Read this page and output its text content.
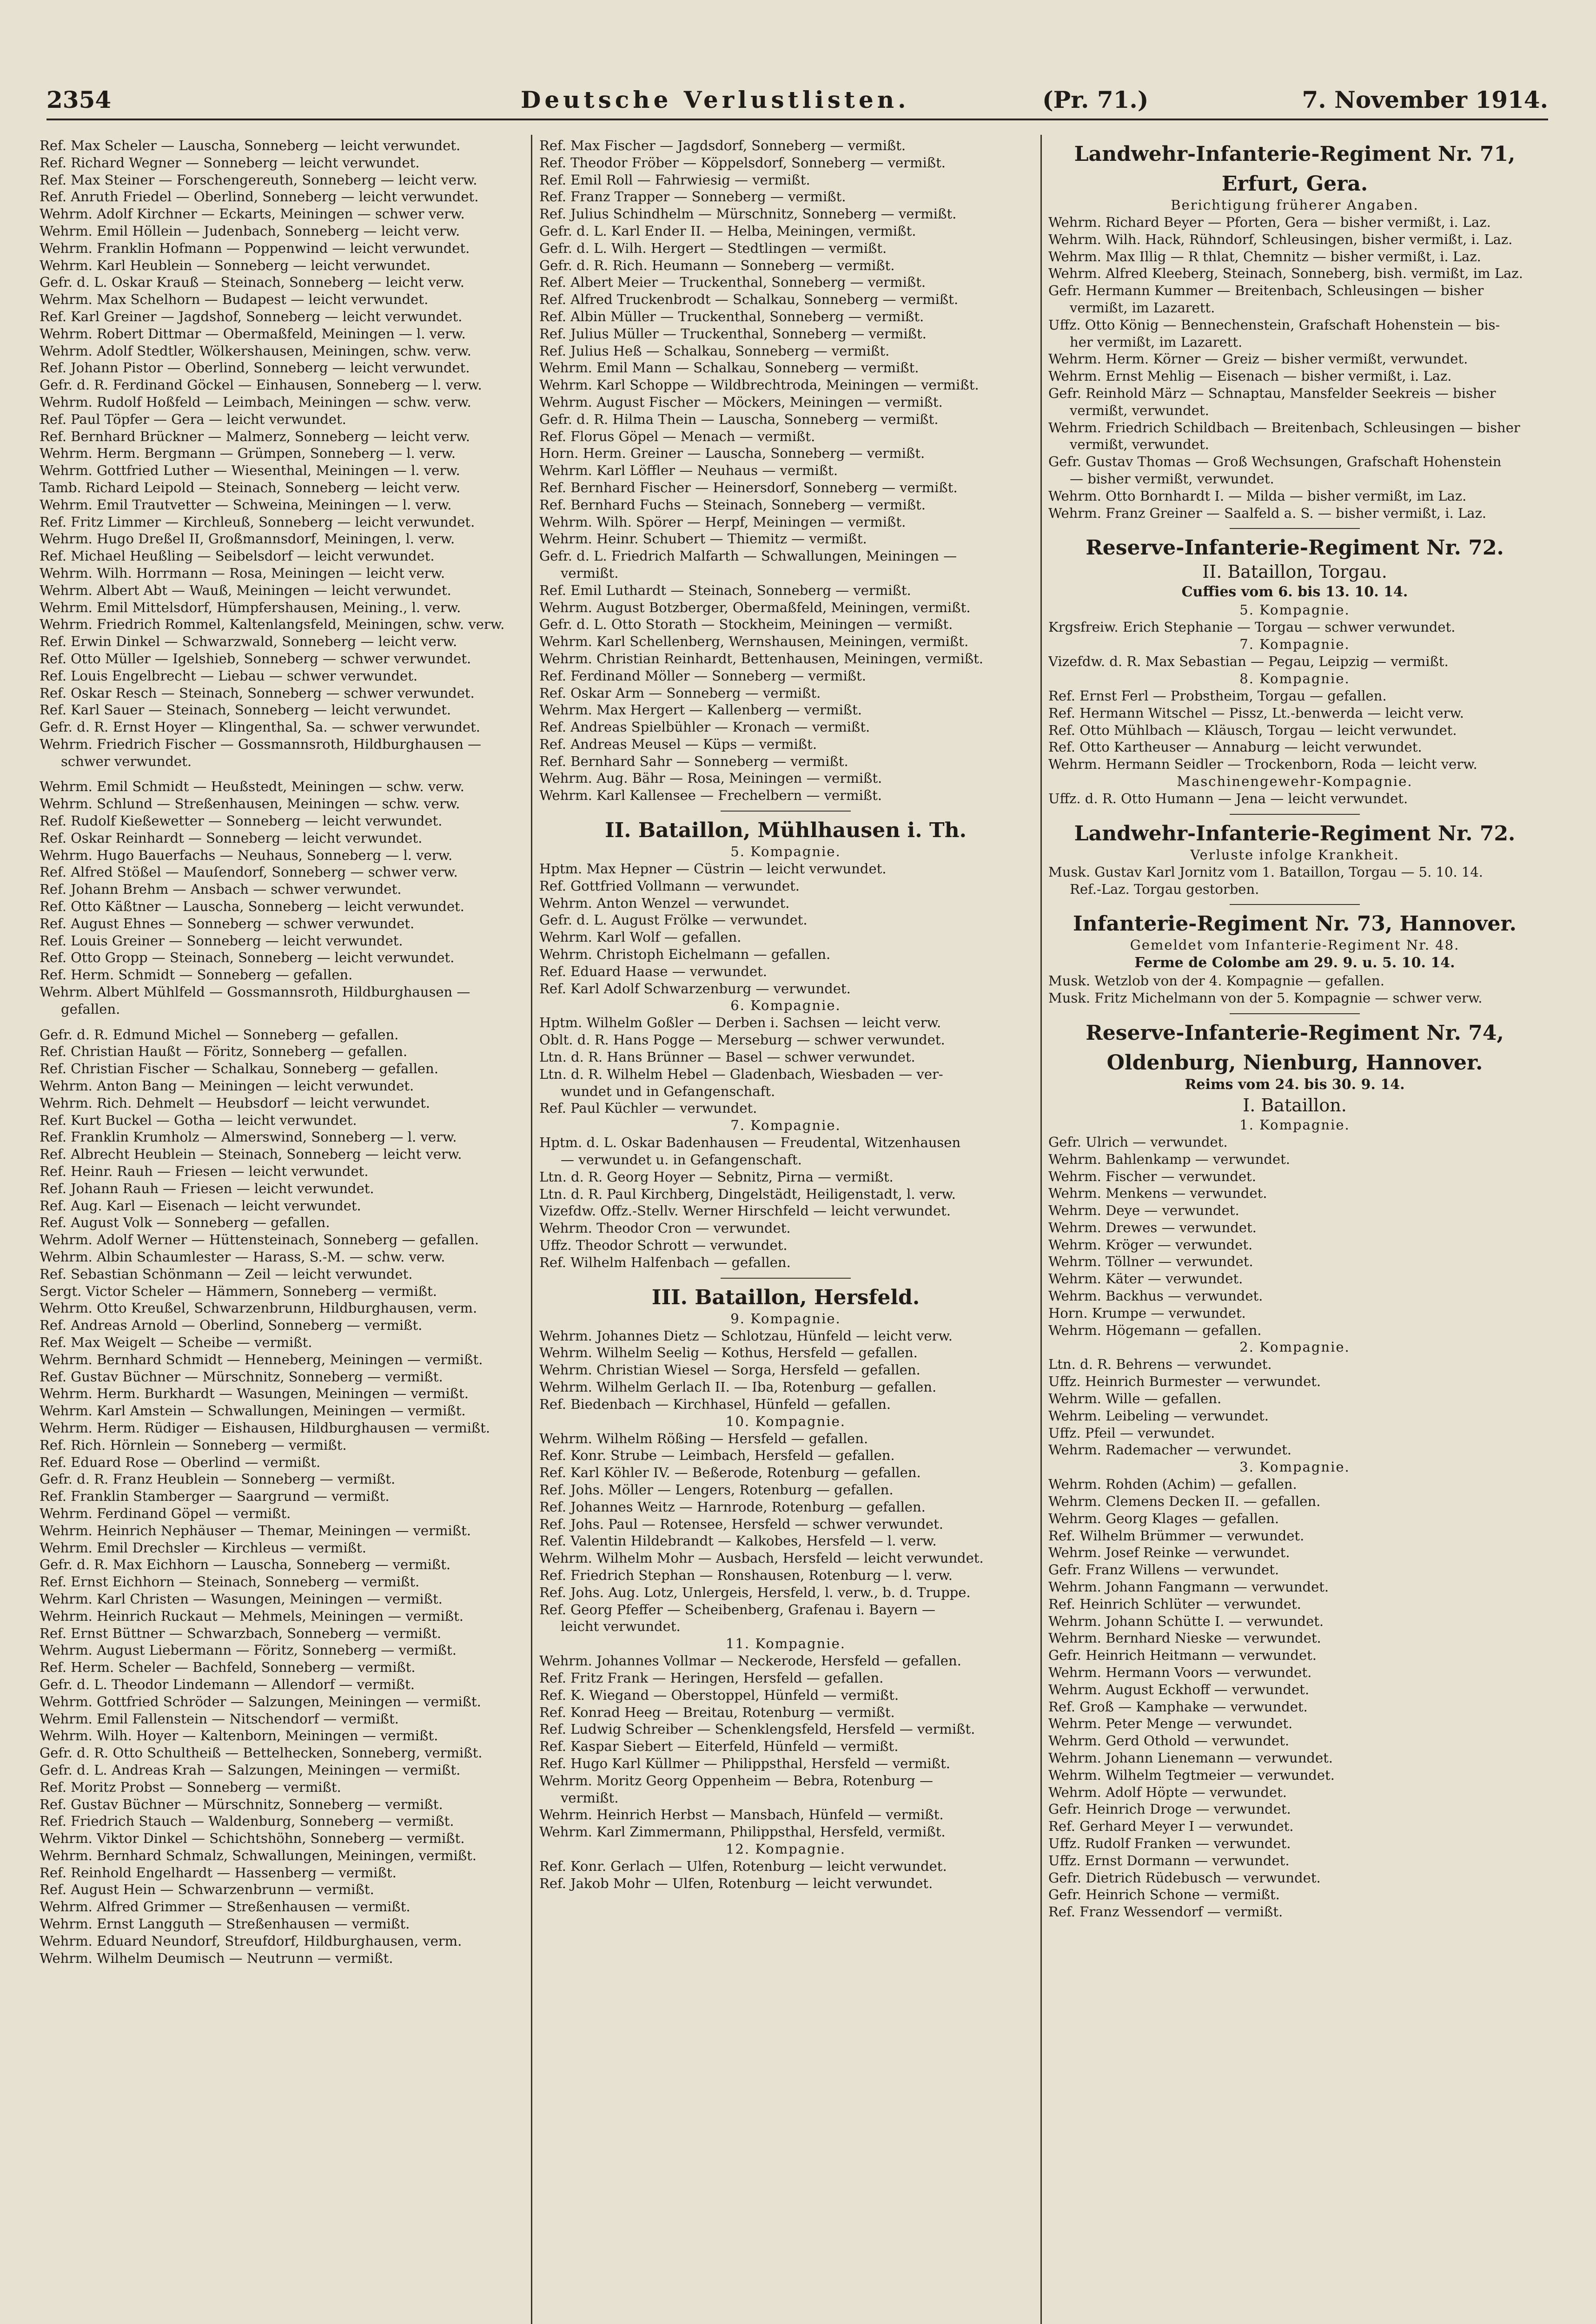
2354	Deutsche Verlustlisten.	(Pr. 71.)	7. November 1914.
Ref. Max Scheler — Lauscha, Sonneberg — leicht verwundet.
Ref. Richard Wegner — Sonneberg — leicht verwundet.
Ref. Max Steiner — Forschengereuth, Sonneberg — leicht verw.
Ref. Anruth Friedel — Oberlind, Sonneberg — leicht verwundet.
Wehrm. Adolf Kirchner — Eckarts, Meiningen — schwer verw.
Wehrm. Emil Höllein — Judenbach, Sonneberg — leicht verw.
Wehrm. Franklin Hofmann — Poppenwind — leicht verwundet.
Wehrm. Karl Heublein — Sonneberg — leicht verwundet.
Gefr. d. L. Oskar Krauß — Steinach, Sonneberg — leicht verw.
Wehrm. Max Schelhorn — Budapest — leicht verwundet.
Ref. Karl Greiner — Jagdshof, Sonneberg — leicht verwundet.
Wehrm. Robert Dittmar — Obermaßfeld, Meiningen — l. verw.
Wehrm. Adolf Stedtler, Wölkershausen, Meiningen, schw. verw.
Ref. Johann Pistor — Oberlind, Sonneberg — leicht verwundet.
Gefr. d. R. Ferdinand Göckel — Einhausen, Sonneberg — l. verw.
Wehrm. Rudolf Hoßfeld — Leimbach, Meiningen — schw. verw.
Ref. Paul Töpfer — Gera — leicht verwundet.
Ref. Bernhard Brückner — Malmerz, Sonneberg — leicht verw.
Wehrm. Herm. Bergmann — Grümpen, Sonneberg — l. verw.
Wehrm. Gottfried Luther — Wiesenthal, Meiningen — l. verw.
Tamb. Richard Leipold — Steinach, Sonneberg — leicht verw.
Wehrm. Emil Trautvetter — Schweina, Meiningen — l. verw.
Ref. Fritz Limmer — Kirchleuß, Sonneberg — leicht verwundet.
Wehrm. Hugo Dreßel II, Großmannsdorf, Meiningen, l. verw.
Ref. Michael Heußling — Seibelsdorf — leicht verwundet.
Wehrm. Wilh. Horrmann — Rosa, Meiningen — leicht verw.
Wehrm. Albert Abt — Wauß, Meiningen — leicht verwundet.
Wehrm. Emil Mittelsdorf, Hümpfershausen, Meining., l. verw.
Wehrm. Friedrich Rommel, Kaltenlangsfeld, Meiningen, schw. verw.
Ref. Erwin Dinkel — Schwarzwald, Sonneberg — leicht verw.
Ref. Otto Müller — Igelshieb, Sonneberg — schwer verwundet.
Ref. Louis Engelbrecht — Liebau — schwer verwundet.
Ref. Oskar Resch — Steinach, Sonneberg — schwer verwundet.
Ref. Karl Sauer — Steinach, Sonneberg — leicht verwundet.
Gefr. d. R. Ernst Hoyer — Klingenthal, Sa. — schwer verwundet.
Wehrm. Friedrich Fischer — Gossmannsroth, Hildburghausen —
schwer verwundet.
Wehrm. Emil Schmidt — Heußstedt, Meiningen — schw. verw.
Wehrm. Schlund — Streßenhausen, Meiningen — schw. verw.
Ref. Rudolf Kießewetter — Sonneberg — leicht verwundet.
Ref. Oskar Reinhardt — Sonneberg — leicht verwundet.
Wehrm. Hugo Bauerfachs — Neuhaus, Sonneberg — l. verw.
Ref. Alfred Stößel — Mauſendorf, Sonneberg — schwer verw.
Ref. Johann Brehm — Ansbach — schwer verwundet.
Ref. Otto Käßtner — Lauscha, Sonneberg — leicht verwundet.
Ref. August Ehnes — Sonneberg — schwer verwundet.
Ref. Louis Greiner — Sonneberg — leicht verwundet.
Ref. Otto Gropp — Steinach, Sonneberg — leicht verwundet.
Ref. Herm. Schmidt — Sonneberg — gefallen.
Wehrm. Albert Mühlfeld — Gossmannsroth, Hildburghausen —
gefallen.
Gefr. d. R. Edmund Michel — Sonneberg — gefallen.
Ref. Christian Haußt — Föritz, Sonneberg — gefallen.
Ref. Christian Fischer — Schalkau, Sonneberg — gefallen.
Wehrm. Anton Bang — Meiningen — leicht verwundet.
Wehrm. Rich. Dehmelt — Heubsdorf — leicht verwundet.
Ref. Kurt Buckel — Gotha — leicht verwundet.
Ref. Franklin Krumholz — Almerswind, Sonneberg — l. verw.
Ref. Albrecht Heublein — Steinach, Sonneberg — leicht verw.
Ref. Heinr. Rauh — Friesen — leicht verwundet.
Ref. Johann Rauh — Friesen — leicht verwundet.
Ref. Aug. Karl — Eisenach — leicht verwundet.
Ref. August Volk — Sonneberg — gefallen.
Wehrm. Adolf Werner — Hüttensteinach, Sonneberg — gefallen.
Wehrm. Albin Schaumlester — Harass, S.-M. — schw. verw.
Ref. Sebastian Schönmann — Zeil — leicht verwundet.
Sergt. Victor Scheler — Hämmern, Sonneberg — vermißt.
Wehrm. Otto Kreußel, Schwarzenbrunn, Hildburghausen, verm.
Ref. Andreas Arnold — Oberlind, Sonneberg — vermißt.
Ref. Max Weigelt — Scheibe — vermißt.
Wehrm. Bernhard Schmidt — Henneberg, Meiningen — vermißt.
Ref. Gustav Büchner — Mürschnitz, Sonneberg — vermißt.
Wehrm. Herm. Burkhardt — Wasungen, Meiningen — vermißt.
Wehrm. Karl Amstein — Schwallungen, Meiningen — vermißt.
Wehrm. Herm. Rüdiger — Eishausen, Hildburghausen — vermißt.
Ref. Rich. Hörnlein — Sonneberg — vermißt.
Ref. Eduard Rose — Oberlind — vermißt.
Gefr. d. R. Franz Heublein — Sonneberg — vermißt.
Ref. Franklin Stamberger — Saargrund — vermißt.
Wehrm. Ferdinand Göpel — vermißt.
Wehrm. Heinrich Nephäuser — Themar, Meiningen — vermißt.
Wehrm. Emil Drechsler — Kirchleus — vermißt.
Gefr. d. R. Max Eichhorn — Lauscha, Sonneberg — vermißt.
Ref. Ernst Eichhorn — Steinach, Sonneberg — vermißt.
Wehrm. Karl Christen — Wasungen, Meiningen — vermißt.
Wehrm. Heinrich Ruckaut — Mehmels, Meiningen — vermißt.
Ref. Ernst Büttner — Schwarzbach, Sonneberg — vermißt.
Wehrm. August Liebermann — Föritz, Sonneberg — vermißt.
Ref. Herm. Scheler — Bachfeld, Sonneberg — vermißt.
Gefr. d. L. Theodor Lindemann — Allendorf — vermißt.
Wehrm. Gottfried Schröder — Salzungen, Meiningen — vermißt.
Wehrm. Emil Fallenstein — Nitschendorf — vermißt.
Wehrm. Wilh. Hoyer — Kaltenborn, Meiningen — vermißt.
Gefr. d. R. Otto Schultheiß — Bettelhecken, Sonneberg, vermißt.
Gefr. d. L. Andreas Krah — Salzungen, Meiningen — vermißt.
Ref. Moritz Probst — Sonneberg — vermißt.
Ref. Gustav Büchner — Mürschnitz, Sonneberg — vermißt.
Ref. Friedrich Stauch — Waldenburg, Sonneberg — vermißt.
Wehrm. Viktor Dinkel — Schichtshöhn, Sonneberg — vermißt.
Wehrm. Bernhard Schmalz, Schwallungen, Meiningen, vermißt.
Ref. Reinhold Engelhardt — Hassenberg — vermißt.
Ref. August Hein — Schwarzenbrunn — vermißt.
Wehrm. Alfred Grimmer — Streßenhausen — vermißt.
Wehrm. Ernst Langguth — Streßenhausen — vermißt.
Wehrm. Eduard Neundorf, Streufdorf, Hildburghausen, verm.
Wehrm. Wilhelm Deumisch — Neutrunn — vermißt.
Ref. Max Fischer — Jagdsdorf, Sonneberg — vermißt.
Ref. Theodor Fröber — Köppelsdorf, Sonneberg — vermißt.
Ref. Emil Roll — Fahrwiesig — vermißt.
Ref. Franz Trapper — Sonneberg — vermißt.
Ref. Julius Schindhelm — Mürschnitz, Sonneberg — vermißt.
Gefr. d. L. Karl Ender II. — Helba, Meiningen, vermißt.
Gefr. d. L. Wilh. Hergert — Stedtlingen — vermißt.
Gefr. d. R. Rich. Heumann — Sonneberg — vermißt.
Ref. Albert Meier — Truckenthal, Sonneberg — vermißt.
Ref. Alfred Truckenbrodt — Schalkau, Sonneberg — vermißt.
Ref. Albin Müller — Truckenthal, Sonneberg — vermißt.
Ref. Julius Müller — Truckenthal, Sonneberg — vermißt.
Ref. Julius Heß — Schalkau, Sonneberg — vermißt.
Wehrm. Emil Mann — Schalkau, Sonneberg — vermißt.
Wehrm. Karl Schoppe — Wildbrechtroda, Meiningen — vermißt.
Wehrm. August Fischer — Möckers, Meiningen — vermißt.
Gefr. d. R. Hilma Thein — Lauscha, Sonneberg — vermißt.
Ref. Florus Göpel — Menach — vermißt.
Horn. Herm. Greiner — Lauscha, Sonneberg — vermißt.
Wehrm. Karl Löffler — Neuhaus — vermißt.
Ref. Bernhard Fischer — Heinersdorf, Sonneberg — vermißt.
Ref. Bernhard Fuchs — Steinach, Sonneberg — vermißt.
Wehrm. Wilh. Spörer — Herpf, Meiningen — vermißt.
Wehrm. Heinr. Schubert — Thiemitz — vermißt.
Gefr. d. L. Friedrich Malfarth — Schwallungen, Meiningen —
vermißt.
Ref. Emil Luthardt — Steinach, Sonneberg — vermißt.
Wehrm. August Botzberger, Obermaßfeld, Meiningen, vermißt.
Gefr. d. L. Otto Storath — Stockheim, Meiningen — vermißt.
Wehrm. Karl Schellenberg, Wernshausen, Meiningen, vermißt.
Wehrm. Christian Reinhardt, Bettenhausen, Meiningen, vermißt.
Ref. Ferdinand Möller — Sonneberg — vermißt.
Ref. Oskar Arm — Sonneberg — vermißt.
Wehrm. Max Hergert — Kallenberg — vermißt.
Ref. Andreas Spielbühler — Kronach — vermißt.
Ref. Andreas Meusel — Küps — vermißt.
Ref. Bernhard Sahr — Sonneberg — vermißt.
Wehrm. Aug. Bähr — Rosa, Meiningen — vermißt.
Wehrm. Karl Kallensee — Frechelbern — vermißt.
II. Bataillon, Mühlhausen i. Th.
5. Kompagnie.
Hptm. Max Hepner — Cüstrin — leicht verwundet.
Ref. Gottfried Vollmann — verwundet.
Wehrm. Anton Wenzel — verwundet.
Gefr. d. L. August Frölke — verwundet.
Wehrm. Karl Wolf — gefallen.
Wehrm. Christoph Eichelmann — gefallen.
Ref. Eduard Haase — verwundet.
Ref. Karl Adolf Schwarzenburg — verwundet.
6. Kompagnie.
Hptm. Wilhelm Goßler — Derben i. Sachsen — leicht verw.
Oblt. d. R. Hans Pogge — Merseburg — schwer verwundet.
Ltn. d. R. Hans Brünner — Basel — schwer verwundet.
Ltn. d. R. Wilhelm Hebel — Gladenbach, Wiesbaden — ver-
wundet und in Gefangenschaft.
Ref. Paul Küchler — verwundet.
7. Kompagnie.
Hptm. d. L. Oskar Badenhausen — Freudental, Witzenhausen
— verwundet u. in Gefangenschaft.
Ltn. d. R. Georg Hoyer — Sebnitz, Pirna — vermißt.
Ltn. d. R. Paul Kirchberg, Dingelstädt, Heiligenstadt, l. verw.
Vizefdw. Offz.-Stellv. Werner Hirschfeld — leicht verwundet.
Wehrm. Theodor Cron — verwundet.
Uffz. Theodor Schrott — verwundet.
Ref. Wilhelm Halfenbach — gefallen.
III. Bataillon, Hersfeld.
9. Kompagnie.
Wehrm. Johannes Dietz — Schlotzau, Hünfeld — leicht verw.
Wehrm. Wilhelm Seelig — Kothus, Hersfeld — gefallen.
Wehrm. Christian Wiesel — Sorga, Hersfeld — gefallen.
Wehrm. Wilhelm Gerlach II. — Iba, Rotenburg — gefallen.
Ref. Biedenbach — Kirchhasel, Hünfeld — gefallen.
10. Kompagnie.
Wehrm. Wilhelm Rößing — Hersfeld — gefallen.
Ref. Konr. Strube — Leimbach, Hersfeld — gefallen.
Ref. Karl Köhler IV. — Beßerode, Rotenburg — gefallen.
Ref. Johs. Möller — Lengers, Rotenburg — gefallen.
Ref. Johannes Weitz — Harnrode, Rotenburg — gefallen.
Ref. Johs. Paul — Rotensee, Hersfeld — schwer verwundet.
Ref. Valentin Hildebrandt — Kalkobes, Hersfeld — l. verw.
Wehrm. Wilhelm Mohr — Ausbach, Hersfeld — leicht verwundet.
Ref. Friedrich Stephan — Ronshausen, Rotenburg — l. verw.
Ref. Johs. Aug. Lotz, Unlergeis, Hersfeld, l. verw., b. d. Truppe.
Ref. Georg Pfeffer — Scheibenberg, Grafenau i. Bayern —
leicht verwundet.
11. Kompagnie.
Wehrm. Johannes Vollmar — Neckerode, Hersfeld — gefallen.
Ref. Fritz Frank — Heringen, Hersfeld — gefallen.
Ref. K. Wiegand — Oberstoppel, Hünfeld — vermißt.
Ref. Konrad Heeg — Breitau, Rotenburg — vermißt.
Ref. Ludwig Schreiber — Schenklengsfeld, Hersfeld — vermißt.
Ref. Kaspar Siebert — Eiterfeld, Hünfeld — vermißt.
Ref. Hugo Karl Küllmer — Philippsthal, Hersfeld — vermißt.
Wehrm. Moritz Georg Oppenheim — Bebra, Rotenburg —
vermißt.
Wehrm. Heinrich Herbst — Mansbach, Hünfeld — vermißt.
Wehrm. Karl Zimmermann, Philippsthal, Hersfeld, vermißt.
12. Kompagnie.
Ref. Konr. Gerlach — Ulfen, Rotenburg — leicht verwundet.
Ref. Jakob Mohr — Ulfen, Rotenburg — leicht verwundet.
Landwehr-Infanterie-Regiment Nr. 71,
Erfurt, Gera.
Berichtigung früherer Angaben.
Wehrm. Richard Beyer — Pforten, Gera — bisher vermißt, i. Laz.
Wehrm. Wilh. Hack, Rühndorf, Schleusingen, bisher vermißt, i. Laz.
Wehrm. Max Illig — R thlat, Chemnitz — bisher vermißt, i. Laz.
Wehrm. Alfred Kleeberg, Steinach, Sonneberg, bish. vermißt, im Laz.
Gefr. Hermann Kummer — Breitenbach, Schleusingen — bisher
vermißt, im Lazarett.
Uffz. Otto König — Bennechenstein, Grafschaft Hohenstein — bis-
her vermißt, im Lazarett.
Wehrm. Herm. Körner — Greiz — bisher vermißt, verwundet.
Wehrm. Ernst Mehlig — Eisenach — bisher vermißt, i. Laz.
Gefr. Reinhold März — Schnaptau, Mansfelder Seekreis — bisher
vermißt, verwundet.
Wehrm. Friedrich Schildbach — Breitenbach, Schleusingen — bisher
vermißt, verwundet.
Gefr. Gustav Thomas — Groß Wechsungen, Grafschaft Hohenstein
— bisher vermißt, verwundet.
Wehrm. Otto Bornhardt I. — Milda — bisher vermißt, im Laz.
Wehrm. Franz Greiner — Saalfeld a. S. — bisher vermißt, i. Laz.
Reserve-Infanterie-Regiment Nr. 72.
II. Bataillon, Torgau.
Cuffies vom 6. bis 13. 10. 14.
5. Kompagnie.
Krgsfreiw. Erich Stephanie — Torgau — schwer verwundet.
7. Kompagnie.
Vizefdw. d. R. Max Sebastian — Pegau, Leipzig — vermißt.
8. Kompagnie.
Ref. Ernst Ferl — Probstheim, Torgau — gefallen.
Ref. Hermann Witschel — Pissz, Lt.-benwerda — leicht verw.
Ref. Otto Mühlbach — Kläusch, Torgau — leicht verwundet.
Ref. Otto Kartheuser — Annaburg — leicht verwundet.
Wehrm. Hermann Seidler — Trockenborn, Roda — leicht verw.
Maschinengewehr-Kompagnie.
Uffz. d. R. Otto Humann — Jena — leicht verwundet.
Landwehr-Infanterie-Regiment Nr. 72.
Verluste infolge Krankheit.
Musk. Gustav Karl Jornitz vom 1. Bataillon, Torgau — 5. 10. 14.
Ref.-Laz. Torgau gestorben.
Infanterie-Regiment Nr. 73, Hannover.
Gemeldet vom Infanterie-Regiment Nr. 48.
Ferme de Colombe am 29. 9. u. 5. 10. 14.
Musk. Wetzlob von der 4. Kompagnie — gefallen.
Musk. Fritz Michelmann von der 5. Kompagnie — schwer verw.
Reserve-Infanterie-Regiment Nr. 74,
Oldenburg, Nienburg, Hannover.
Reims vom 24. bis 30. 9. 14.
I. Bataillon.
1. Kompagnie.
Gefr. Ulrich — verwundet.
Wehrm. Bahlenkamp — verwundet.
Wehrm. Fischer — verwundet.
Wehrm. Menkens — verwundet.
Wehrm. Deye — verwundet.
Wehrm. Drewes — verwundet.
Wehrm. Kröger — verwundet.
Wehrm. Töllner — verwundet.
Wehrm. Käter — verwundet.
Wehrm. Backhus — verwundet.
Horn. Krumpe — verwundet.
Wehrm. Högemann — gefallen.
2. Kompagnie.
Ltn. d. R. Behrens — verwundet.
Uffz. Heinrich Burmester — verwundet.
Wehrm. Wille — gefallen.
Wehrm. Leibeling — verwundet.
Uffz. Pfeil — verwundet.
Wehrm. Rademacher — verwundet.
3. Kompagnie.
Wehrm. Rohden (Achim) — gefallen.
Wehrm. Clemens Decken II. — gefallen.
Wehrm. Georg Klages — gefallen.
Ref. Wilhelm Brümmer — verwundet.
Wehrm. Josef Reinke — verwundet.
Gefr. Franz Willens — verwundet.
Wehrm. Johann Fangmann — verwundet.
Ref. Heinrich Schlüter — verwundet.
Wehrm. Johann Schütte I. — verwundet.
Wehrm. Bernhard Nieske — verwundet.
Gefr. Heinrich Heitmann — verwundet.
Wehrm. Hermann Voors — verwundet.
Wehrm. August Eckhoff — verwundet.
Ref. Groß — Kamphake — verwundet.
Wehrm. Peter Menge — verwundet.
Wehrm. Gerd Othold — verwundet.
Wehrm. Johann Lienemann — verwundet.
Wehrm. Wilhelm Tegtmeier — verwundet.
Wehrm. Adolf Höpte — verwundet.
Gefr. Heinrich Droge — verwundet.
Ref. Gerhard Meyer I — verwundet.
Uffz. Rudolf Franken — verwundet.
Uffz. Ernst Dormann — verwundet.
Gefr. Dietrich Rüdebusch — verwundet.
Gefr. Heinrich Schone — vermißt.
Ref. Franz Wessendorf — vermißt.
